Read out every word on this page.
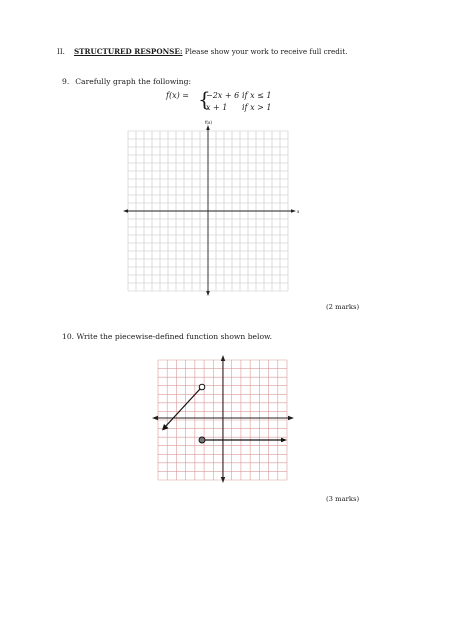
II. STRUCTURED RESPONSE: Please show your work to receive full credit.
9. Carefully graph the following:
f(x) = {
−2x + 6 if x ≤ 1
x + 1 if x > 1
f(x)
x
(2 marks)
10. Write the piecewise-defined function shown below.
(3 marks)
